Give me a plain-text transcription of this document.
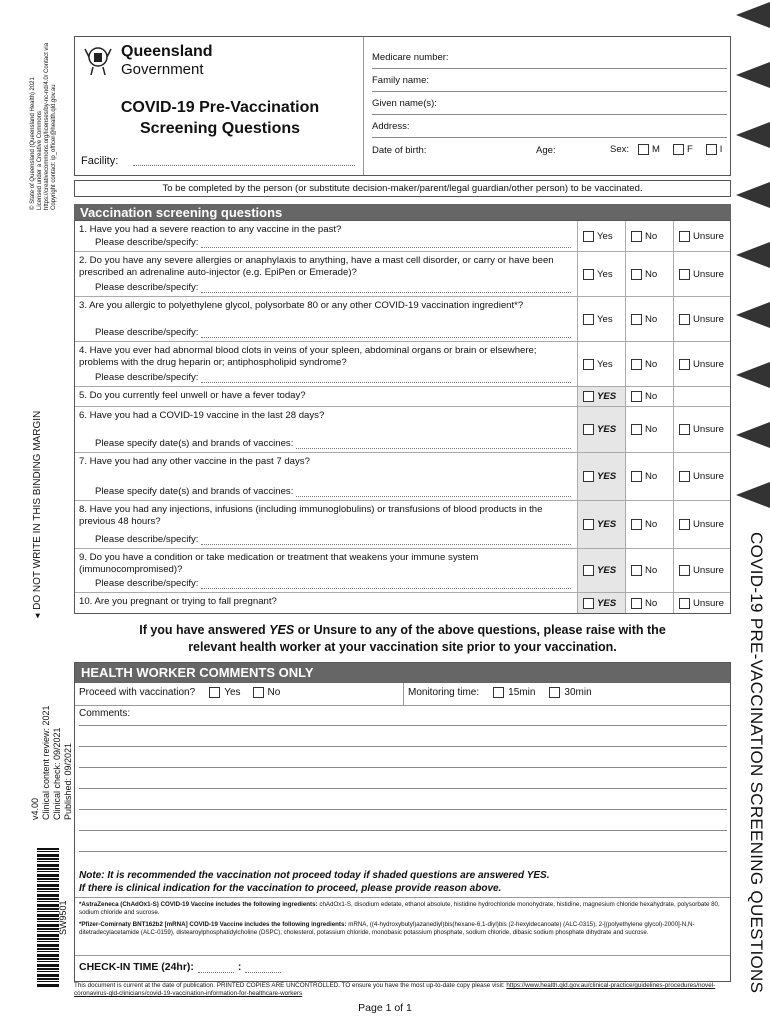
COVID-19 PRE-VACCINATION SCREENING QUESTIONS
© State of Queensland (Queensland Health) 2021 Licensed under a Creative Commons https://creativecommons.org/licenses/by-nc-nd/4.0/ Contact via Copyright contact: ip_officer@health.qld.gov.au
◄ DO NOT WRITE IN THIS BINDING MARGIN
v4.00 Clinical content review: 2021 Clinical check: 09/2021 Published: 09/2021
SW9501
Queensland
Government
COVID-19 Pre-Vaccination
Screening Questions
Facility:
Medicare number:
Family name:
Given name(s):
Address:
Date of birth:	Age:	Sex: M	F	I
To be completed by the person (or substitute decision-maker/parent/legal guardian/other person) to be vaccinated.
Vaccination screening questions
1. Have you had a severe reaction to any vaccine in the past?
Please describe/specify:
Yes	No	Unsure
2. Do you have any severe allergies or anaphylaxis to anything, have a mast cell disorder, or carry or have been prescribed an adrenaline auto-injector (e.g. EpiPen or Emerade)?
Please describe/specify:
Yes	No	Unsure
3. Are you allergic to polyethylene glycol, polysorbate 80 or any other COVID-19 vaccination ingredient*?
Please describe/specify:
Yes	No	Unsure
4. Have you ever had abnormal blood clots in veins of your spleen, abdominal organs or brain or elsewhere; problems with the drug heparin or; antiphospholipid syndrome?
Please describe/specify:
Yes	No	Unsure
5. Do you currently feel unwell or have a fever today?	YES	No
6. Have you had a COVID-19 vaccine in the last 28 days?
Please specify date(s) and brands of vaccines:
YES	No	Unsure
7. Have you had any other vaccine in the past 7 days?
Please specify date(s) and brands of vaccines:
YES	No	Unsure
8. Have you had any injections, infusions (including immunoglobulins) or transfusions of blood products in the previous 48 hours?
Please describe/specify:
YES	No	Unsure
9. Do you have a condition or take medication or treatment that weakens your immune system (immunocompromised)?
Please describe/specify:
YES	No	Unsure
10. Are you pregnant or trying to fall pregnant?	YES	No	Unsure
If you have answered YES or Unsure to any of the above questions, please raise with the
relevant health worker at your vaccination site prior to your vaccination.
HEALTH WORKER COMMENTS ONLY
Proceed with vaccination?	Yes	No	Monitoring time:	15min	30min
Comments:
Note: It is recommended the vaccination not proceed today if shaded questions are answered YES.
If there is clinical indication for the vaccination to proceed, please provide reason above.
*AstraZeneca (ChAdOx1-S) COVID-19 Vaccine includes the following ingredients: chAdOx1-S, disodium edetate, ethanol absolute, histidine hydrochloride monohydrate, histidine, magnesium chloride hexahydrate, polysorbate 80, sodium chloride and sucrose.
*Pfizer-Comirnaty BNT162b2 [mRNA] COVID-19 Vaccine includes the following ingredients: mRNA, ((4-hydroxybutyl)azanediyl)bis(hexane-6,1-diyl)bis (2-hexyldecanoate) (ALC-0315), 2-[(polyethylene glycol)-2000]-N,N-ditetradecylacetamide (ALC-0159), distearoylphosphatidylcholine (DSPC), cholesterol, potassium chloride, monobasic potassium phosphate, sodium chloride, dibasic sodium phosphate dihydrate and sucrose.
CHECK-IN TIME (24hr):	:
This document is current at the date of publication. PRINTED COPIES ARE UNCONTROLLED. TO ensure you have the most up-to-date copy please visit: https://www.health.qld.gov.au/clinical-practice/guidelines-procedures/novel-coronavirus-qld-clinicians/covid-19-vaccination-information-for-healthcare-workers
Page 1 of 1
